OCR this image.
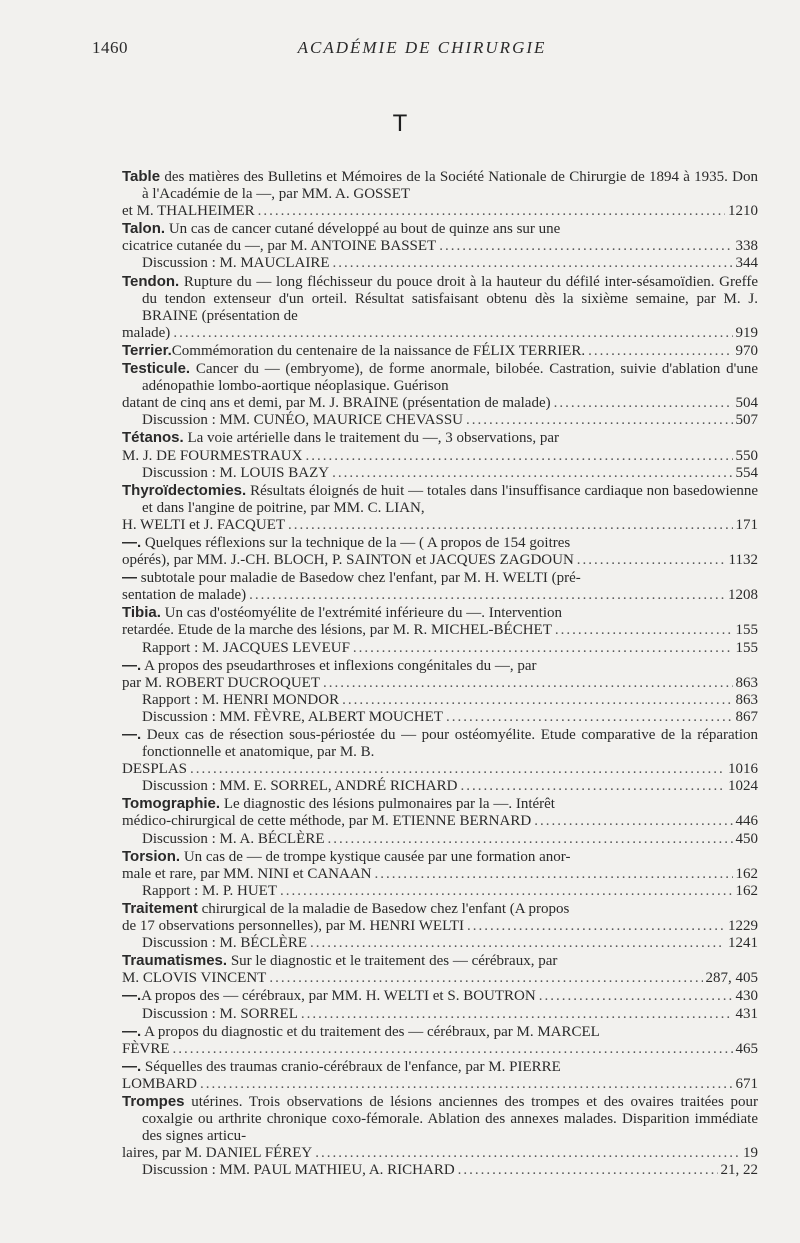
1460	ACADÉMIE DE CHIRURGIE
T
Table des matières des Bulletins et Mémoires de la Société Nationale de Chirurgie de 1894 à 1935. Don à l'Académie de la —, par MM. A. GOSSET
et M. THALHEIMER .....	1210
Talon. Un cas de cancer cutané développé au bout de quinze ans sur une
cicatrice cutanée du —, par M. ANTOINE BASSET .....	338
Discussion : M. MAUCLAIRE .....	344
Tendon. Rupture du — long fléchisseur du pouce droit à la hauteur du défilé inter-sésamoïdien. Greffe du tendon extenseur d'un orteil. Résultat satisfaisant obtenu dès la sixième semaine, par M. J. BRAINE (présentation de
malade) .....	919
Terrier. Commémoration du centenaire de la naissance de FÉLIX TERRIER. .....	970
Testicule. Cancer du — (embryome), de forme anormale, bilobée. Castration, suivie d'ablation d'une adénopathie lombo-aortique néoplasique. Guérison
datant de cinq ans et demi, par M. J. BRAINE (présentation de malade) .....	504
Discussion : MM. CUNÉO, MAURICE CHEVASSU .....	507
Tétanos. La voie artérielle dans le traitement du —, 3 observations, par
M. J. DE FOURMESTRAUX .....	550
Discussion : M. LOUIS BAZY .....	554
Thyroïdectomies. Résultats éloignés de huit — totales dans l'insuffisance cardiaque non basedowienne et dans l'angine de poitrine, par MM. C. LIAN,
H. WELTI et J. FACQUET .....	171
—. Quelques réflexions sur la technique de la — ( A propos de 154 goitres
opérés), par MM. J.-CH. BLOCH, P. SAINTON et JACQUES ZAGDOUN .....	1132
— subtotale pour maladie de Basedow chez l'enfant, par M. H. WELTI (pré-
sentation de malade) .....	1208
Tibia. Un cas d'ostéomyélite de l'extrémité inférieure du —. Intervention
retardée. Etude de la marche des lésions, par M. R. MICHEL-BÉCHET .....	155
Rapport : M. JACQUES LEVEUF .....	155
—. A propos des pseudarthroses et inflexions congénitales du —, par
par M. ROBERT DUCROQUET .....	863
Rapport : M. HENRI MONDOR .....	863
Discussion : MM. FÈVRE, ALBERT MOUCHET .....	867
—. Deux cas de résection sous-périostée du — pour ostéomyélite. Etude comparative de la réparation fonctionnelle et anatomique, par M. B.
DESPLAS .....	1016
Discussion : MM. E. SORREL, ANDRÉ RICHARD .....	1024
Tomographie. Le diagnostic des lésions pulmonaires par la —. Intérêt
médico-chirurgical de cette méthode, par M. ETIENNE BERNARD .....	446
Discussion : M. A. BÉCLÈRE .....	450
Torsion. Un cas de — de trompe kystique causée par une formation anor-
male et rare, par MM. NINI et CANAAN .....	162
Rapport : M. P. HUET .....	162
Traitement chirurgical de la maladie de Basedow chez l'enfant (A propos
de 17 observations personnelles), par M. HENRI WELTI .....	1229
Discussion : M. BÉCLÈRE .....	1241
Traumatismes. Sur le diagnostic et le traitement des — cérébraux, par
M. CLOVIS VINCENT .....	287, 405
—. A propos des — cérébraux, par MM. H. WELTI et S. BOUTRON .....	430
Discussion : M. SORREL .....	431
—. A propos du diagnostic et du traitement des — cérébraux, par M. MARCEL
FÈVRE .....	465
—. Séquelles des traumas cranio-cérébraux de l'enfance, par M. PIERRE
LOMBARD .....	671
Trompes utérines. Trois observations de lésions anciennes des trompes et des ovaires traitées pour coxalgie ou arthrite chronique coxo-fémorale. Ablation des annexes malades. Disparition immédiate des signes articu-
laires, par M. DANIEL FÉREY .....	19
Discussion : MM. PAUL MATHIEU, A. RICHARD .....	21, 22
